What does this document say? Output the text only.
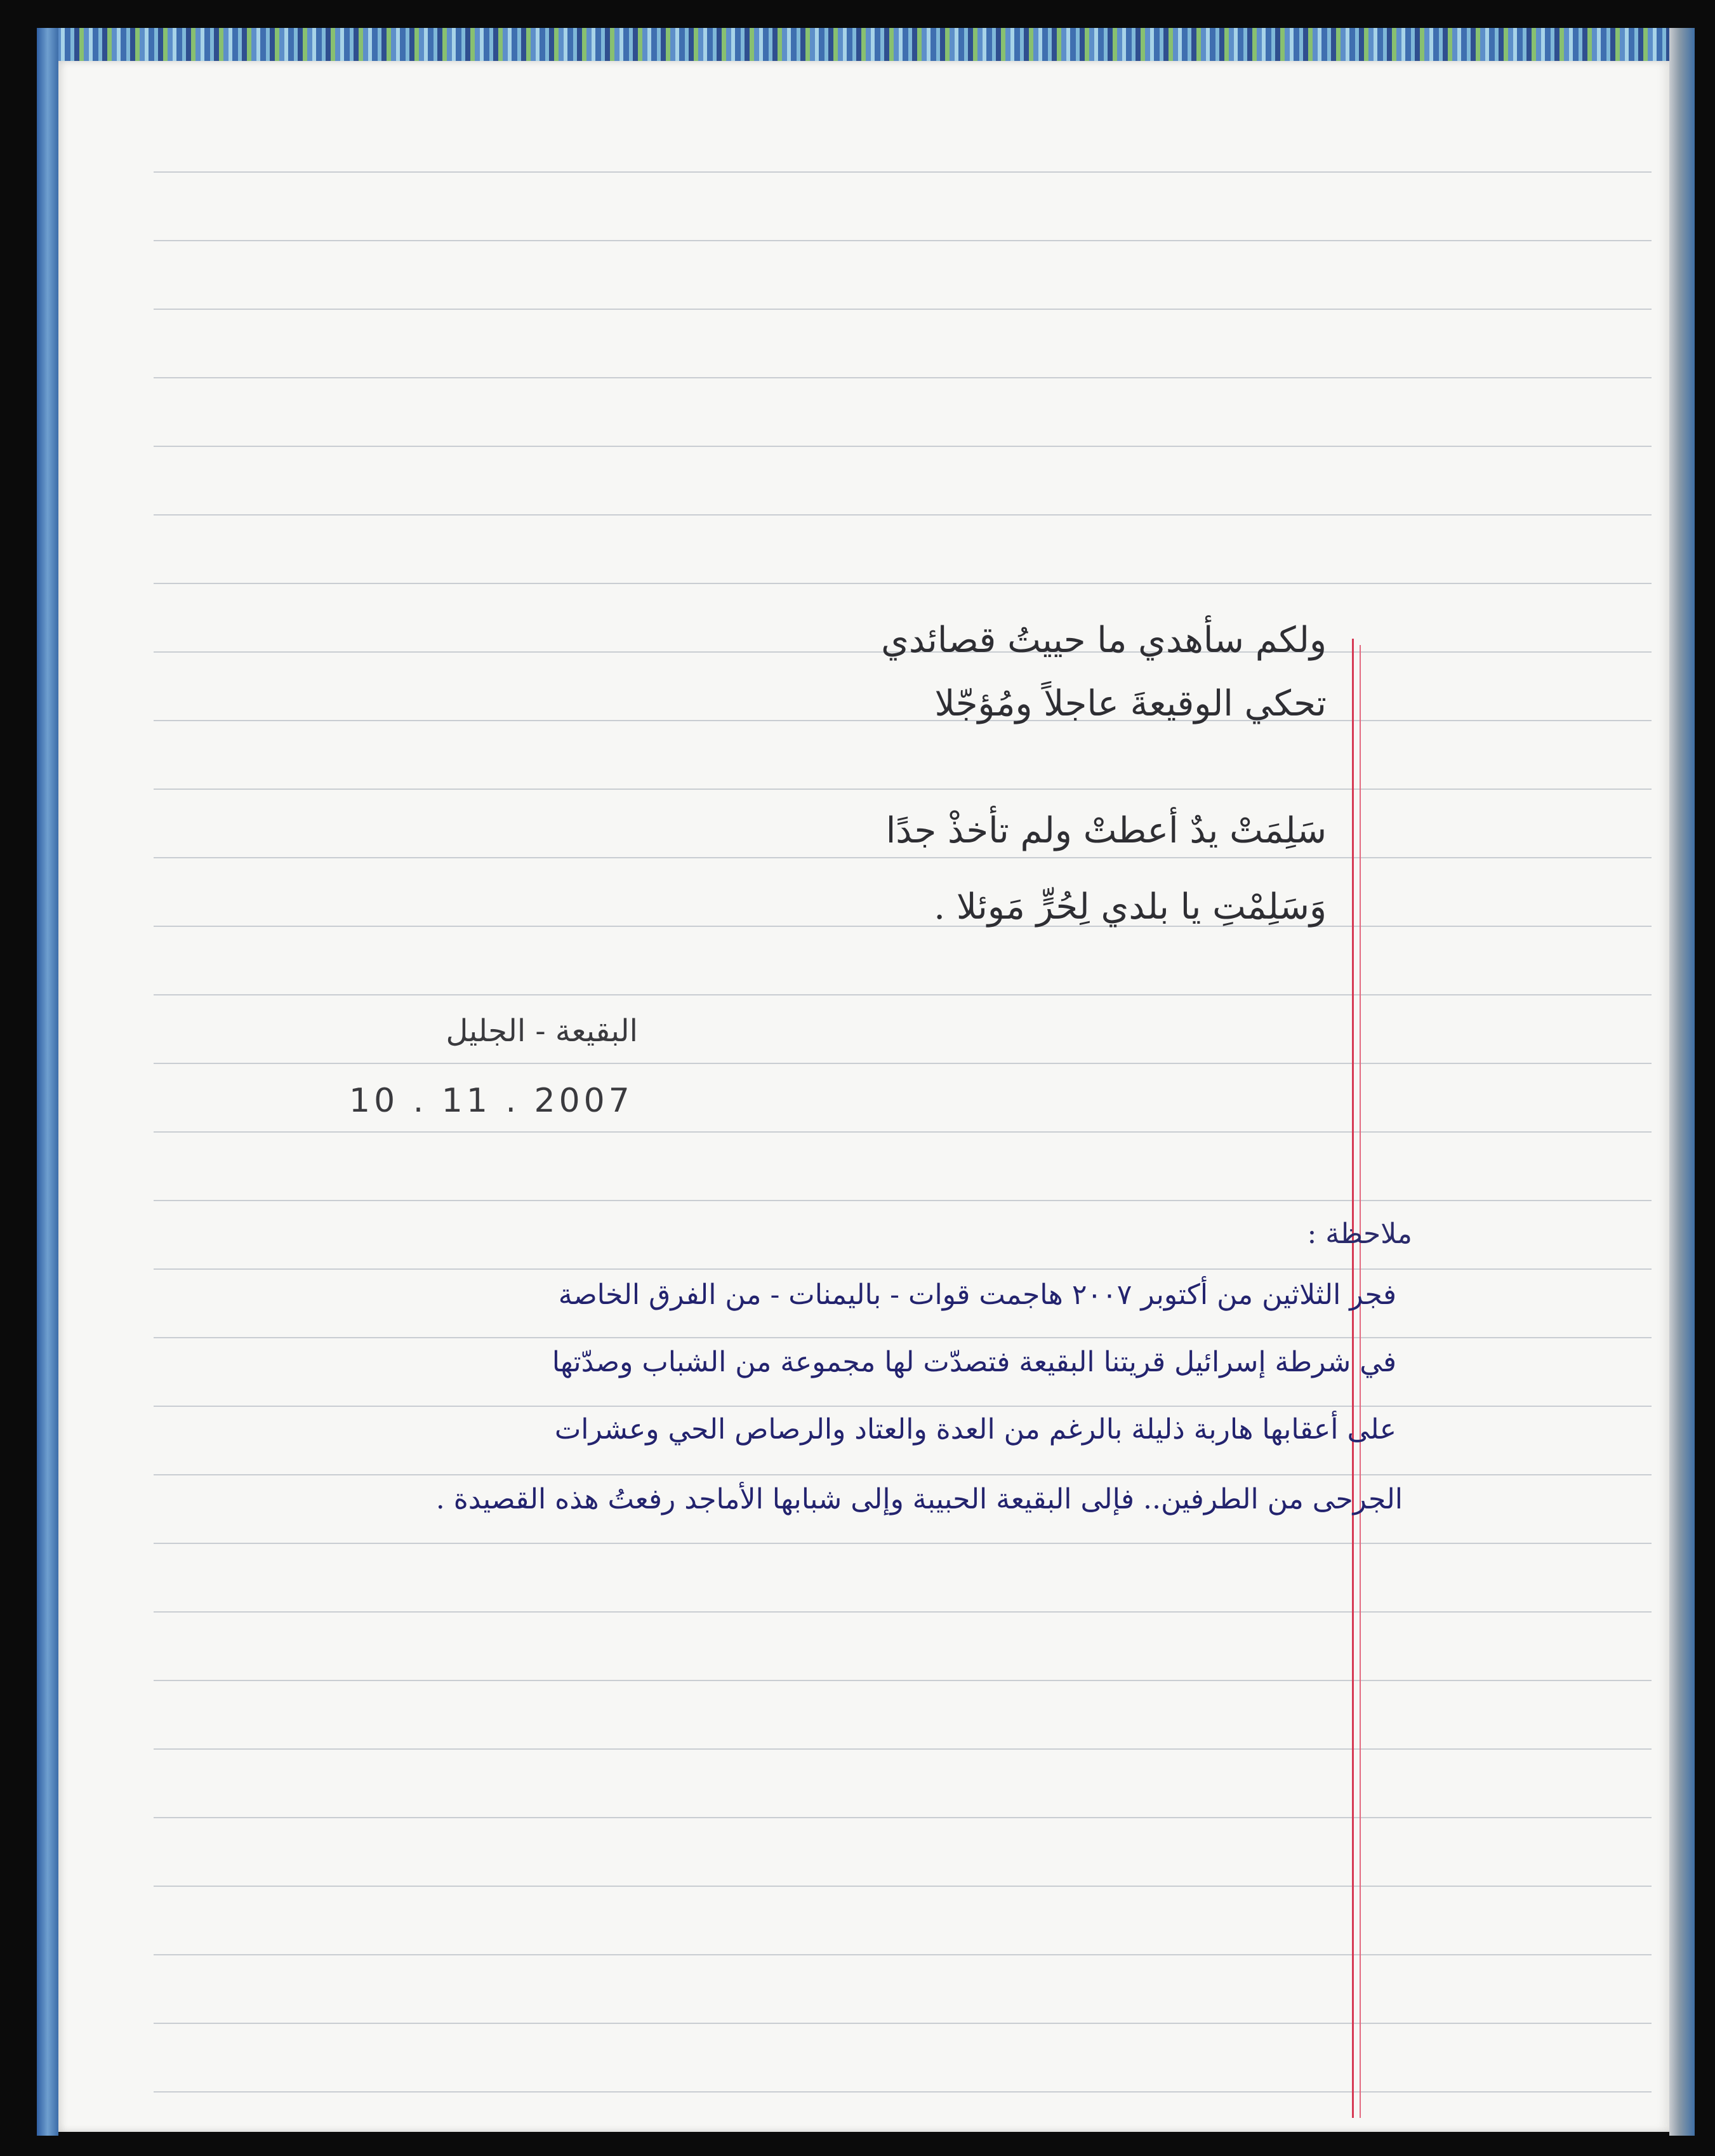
ولكم سأهدي ما حييتُ قصائدي
تحكي الوقيعةَ عاجلاً ومُؤجّلا
سَلِمَتْ يدٌ أعطتْ ولم تأخذْ جدًا
وَسَلِمْتِ يا بلدي لِحُرٍّ مَوئلا .
البقيعة - الجليل
10 . 11 . 2007
ملاحظة :
فجر الثلاثين من أكتوبر ٢٠٠٧ هاجمت قوات - باليمنات - من الفرق الخاصة
في شرطة إسرائيل قريتنا البقيعة فتصدّت لها مجموعة من الشباب وصدّتها
على أعقابها هاربة ذليلة بالرغم من العدة والعتاد والرصاص الحي وعشرات
الجرحى من الطرفين.. فإلى البقيعة الحبيبة وإلى شبابها الأماجد رفعتُ هذه القصيدة .
